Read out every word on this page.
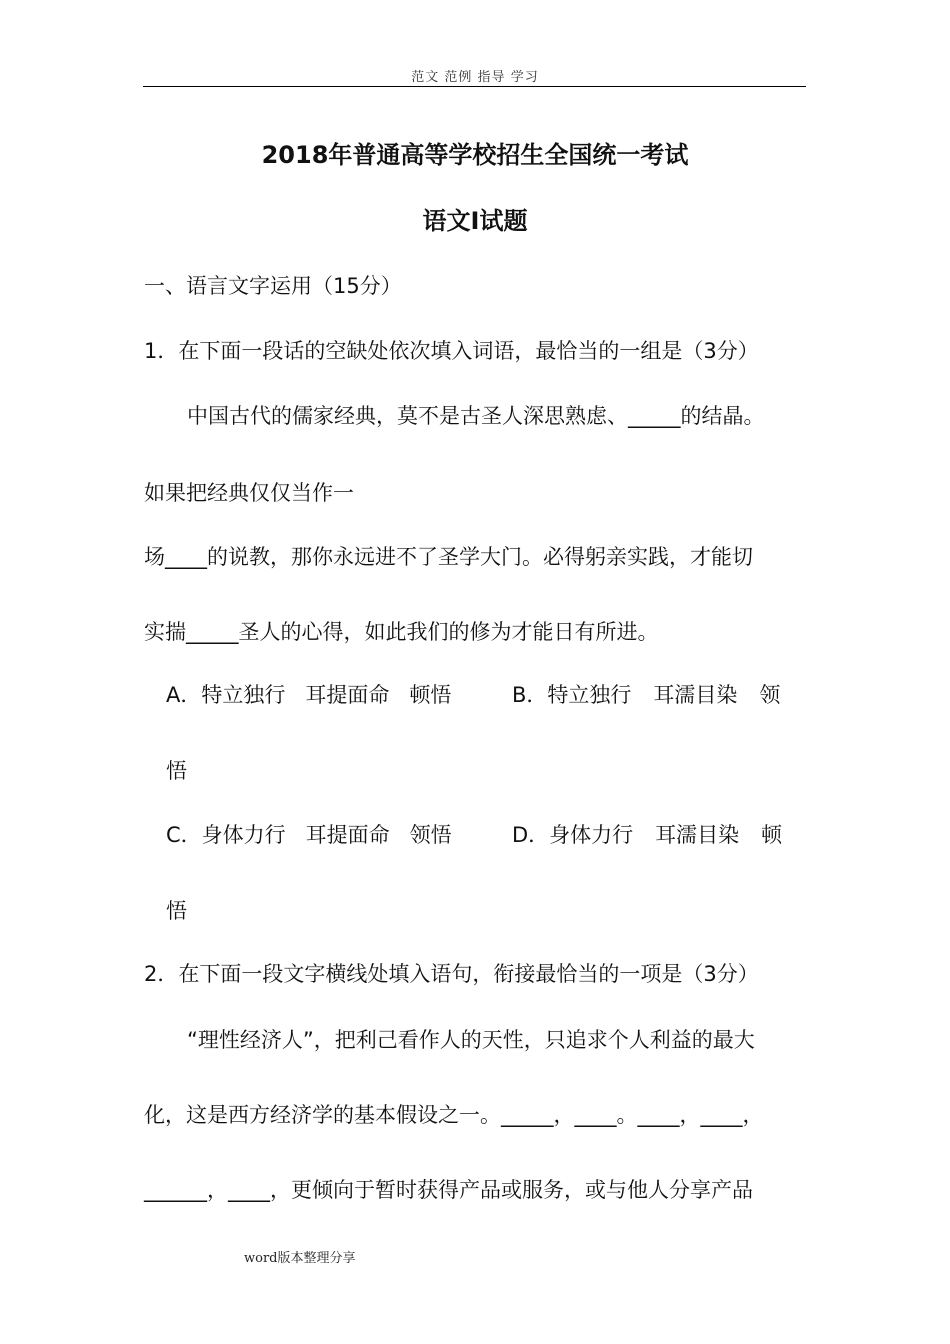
范文 范例 指导 学习
2018年普通高等学校招生全国统一考试
语文I试题
一、语言文字运用（15分）
1．在下面一段话的空缺处依次填入词语，最恰当的一组是（3分）
中国古代的儒家经典，莫不是古圣人深思熟虑、_____的结晶。
如果把经典仅仅当作一
场____的说教，那你永远进不了圣学大门。必得躬亲实践，才能切
实揣_____圣人的心得，如此我们的修为才能日有所进。
A．特立独行 耳提面命 顿悟	B．特立独行 耳濡目染 领
悟
C．身体力行 耳提面命 领悟	D．身体力行 耳濡目染 顿
悟
2．在下面一段文字横线处填入语句，衔接最恰当的一项是（3分）
“理性经济人”，把利己看作人的天性，只追求个人利益的最大
化，这是西方经济学的基本假设之一。_____，____。____，____，
______，____，更倾向于暂时获得产品或服务，或与他人分享产品
word版本整理分享
